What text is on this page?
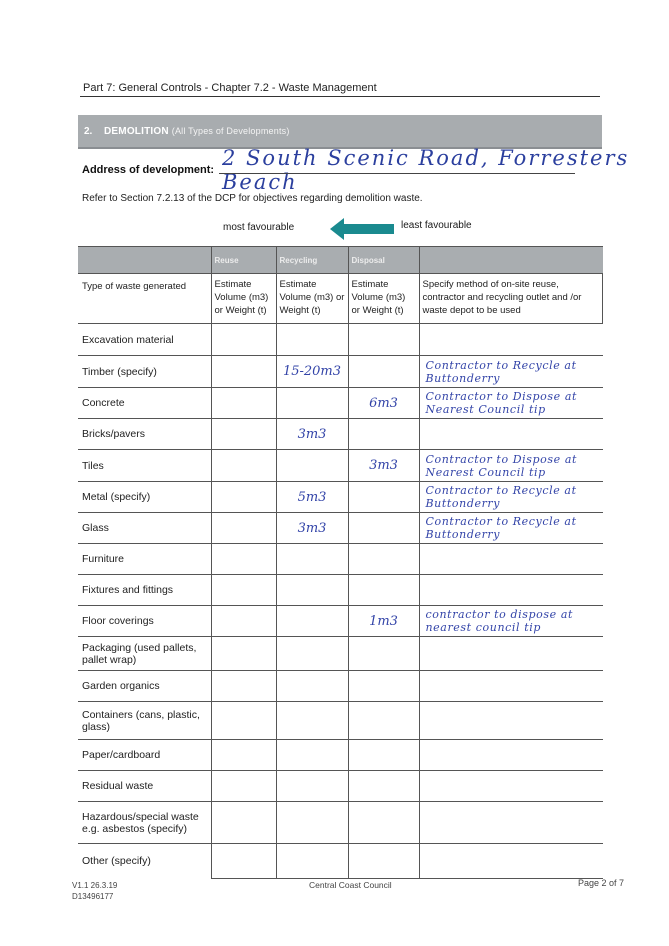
Part 7: General Controls - Chapter 7.2 - Waste Management
2. DEMOLITION (All Types of Developments)
Address of development: 2 South Scenic Road, Forresters Beach
Refer to Section 7.2.13 of the DCP for objectives regarding demolition waste.
most favourable	least favourable
	Reuse	Recycling	Disposal	
Type of waste generated	Estimate Volume (m3) or Weight (t)	Estimate Volume (m3) or Weight (t)	Estimate Volume (m3) or Weight (t)	Specify method of on-site reuse, contractor and recycling outlet and /or waste depot to be used
Excavation material				
Timber (specify)		15-20m3		Contractor to Recycle at Buttonderry
Concrete			6m3	Contractor to Dispose at Nearest Council tip
Bricks/pavers		3m3		
Tiles			3m3	Contractor to Dispose at Nearest Council tip
Metal (specify)		5m3		Contractor to Recycle at Buttonderry
Glass		3m3		Contractor to Recycle at Buttonderry
Furniture				
Fixtures and fittings				
Floor coverings			1m3	contractor to dispose at nearest council tip
Packaging (used pallets, pallet wrap)				
Garden organics				
Containers (cans, plastic, glass)				
Paper/cardboard				
Residual waste				
Hazardous/special waste e.g. asbestos (specify)				
Other (specify)				
V1.1 26.3.19
D13496177
Central Coast Council	Page 2 of 7
